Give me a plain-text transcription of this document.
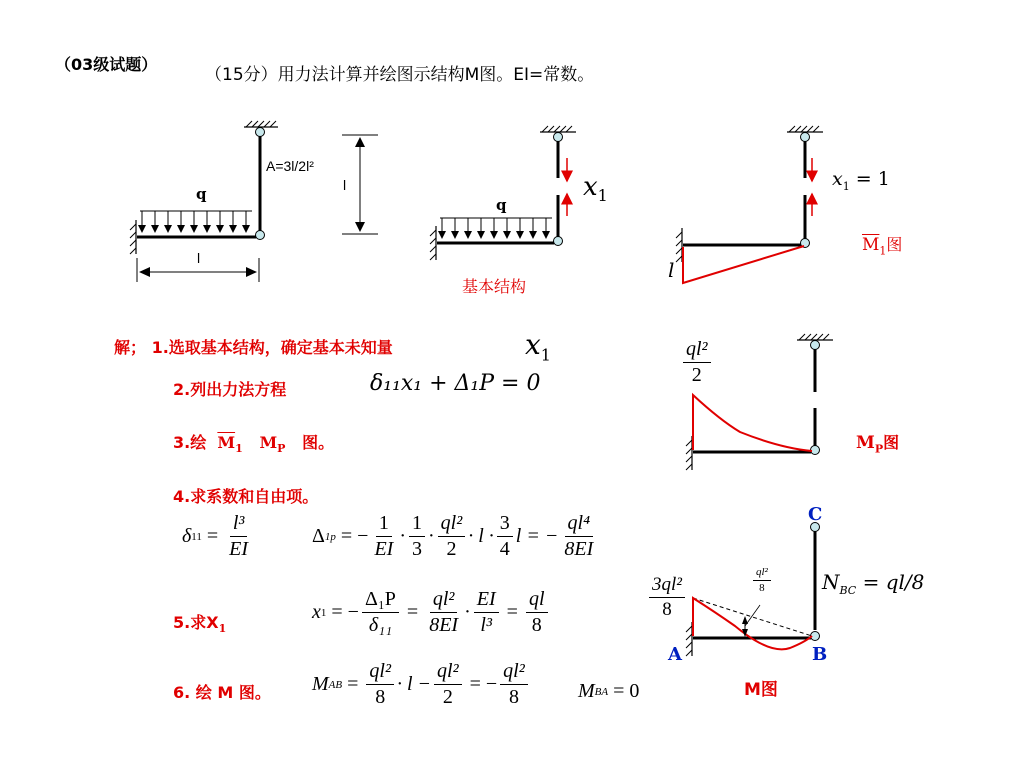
（03级试题）
（15分）用力法计算并绘图示结构M图。EI=常数。
A=3l/2l²
q	l
l
q
$x_1$
基本结构
$x_1 = 1$
l
$\overline{M}_1$图
$\frac{\text{ql²}}{2}$
$M_P$图
C
A	B
$\frac{\text{3ql²}}{8}$	$\frac{\text{ql²}}{8}$	$N_{BC} = ql/8$
M图
解； 1.选取基本结构，确定基本未知量	$x_1$
2.列出力法方程	δ₁₁x₁ + Δ₁P = 0
3.绘 $\overline{M}_1$ $M_P$ 图。
4.求系数和自由项。
δ $11 = \frac{\text{l³}}{EI}$	Δ 1p = − $\frac{1}{EI} \cdot \frac{1}{3} \cdot \frac{\text{ql²}}{2} \cdot l \cdot \frac{3}{4}$ l = − $\frac{\text{ql⁴}}{8EI}$
5.求$X_1$
x 1 = − $\frac{\text{Δ₁P}}{\text{δ₁₁}} = \frac{\text{ql²}}{8EI} \cdot \frac{EI}{\text{l³}} = \frac{ql}{8}$
6. 绘 M 图。 M AB = $\frac{\text{ql²}}{8} \cdot l - \frac{\text{ql²}}{2}$ = − $\frac{\text{ql²}}{8}$	M BA
= 0
